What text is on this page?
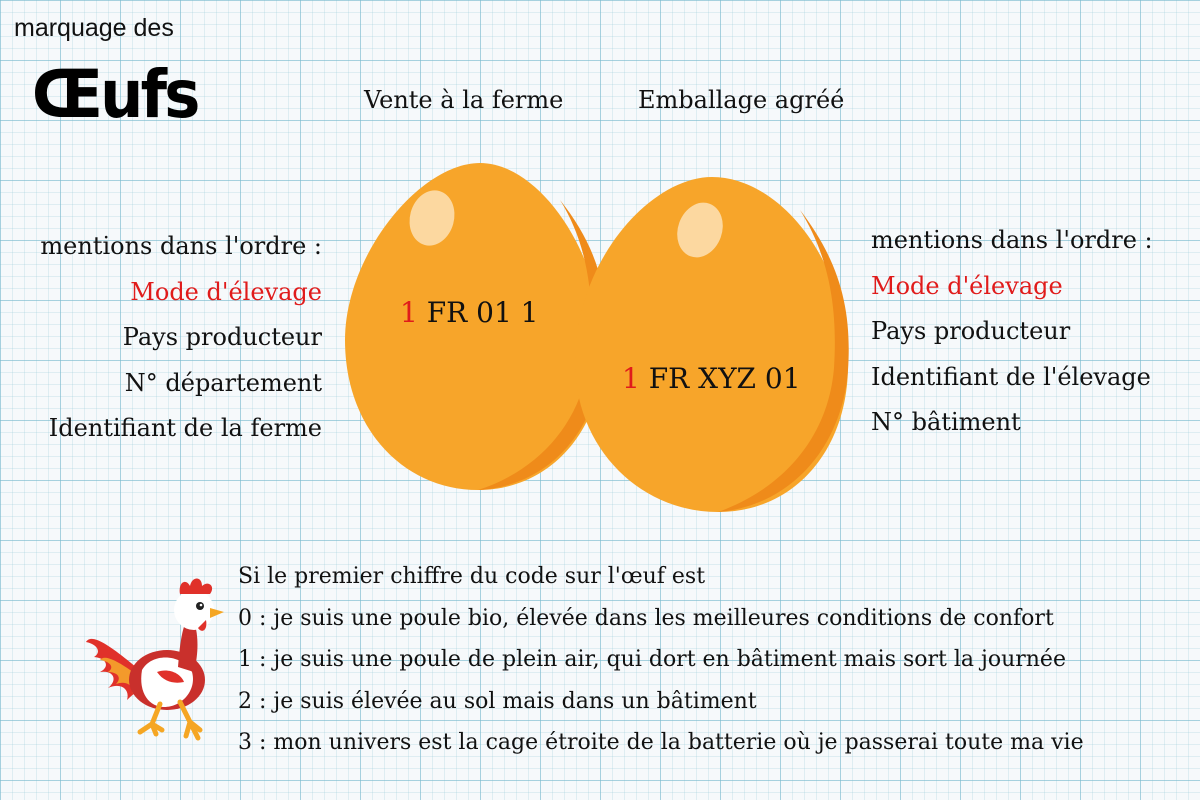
marquage des
Œufs	Vente à la ferme	Emballage agréé
1 FR 01 1
1 FR XYZ 01
mentions dans l'ordre :
Mode d'élevage
Pays producteur
N° département
Identifiant de la ferme
mentions dans l'ordre :
Mode d'élevage
Pays producteur
Identifiant de l'élevage
N° bâtiment
Si le premier chiffre du code sur l'œuf est
0 : je suis une poule bio, élevée dans les meilleures conditions de confort
1 : je suis une poule de plein air, qui dort en bâtiment mais sort la journée
2 : je suis élevée au sol mais dans un bâtiment
3 : mon univers est la cage étroite de la batterie où je passerai toute ma vie
